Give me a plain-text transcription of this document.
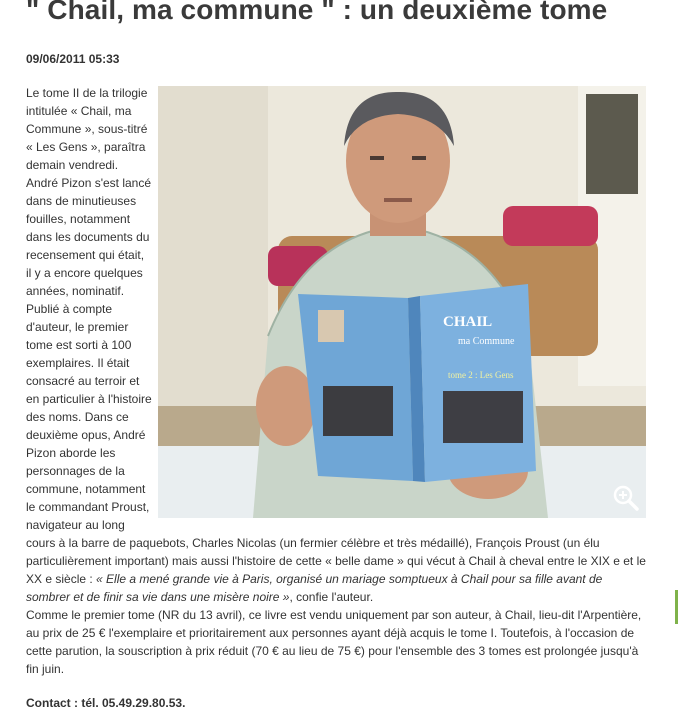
" Chail, ma commune " : un deuxième tome
09/06/2011 05:33
CHAIL
ma Commune
tome 2 : Les Gens

Le tome II de la trilogie intitulée « Chail, ma Commune », sous-titré « Les Gens », paraîtra demain vendredi.

André Pizon s'est lancé dans de minutieuses fouilles, notamment dans les documents du recensement qui était, il y a encore quelques années, nominatif. Publié à compte d'auteur, le premier tome est sorti à 100 exemplaires. Il était consacré au terroir et en particulier à l'histoire des noms. Dans ce deuxième opus, André Pizon aborde les personnages de la commune, notamment le commandant Proust, navigateur au long cours à la barre de paquebots, Charles Nicolas (un fermier célèbre et très médaillé), François Proust (un élu particulièrement important) mais aussi l'histoire de cette « belle dame » qui vécut à Chail à cheval entre le XIX e et le XX e siècle : « Elle a mené grande vie à Paris, organisé un mariage somptueux à Chail pour sa fille avant de sombrer et de finir sa vie dans une misère noire », confie l'auteur.

Comme le premier tome (NR du 13 avril), ce livre est vendu uniquement par son auteur, à Chail, lieu-dit l'Arpentière, au prix de 25 € l'exemplaire et prioritairement aux personnes ayant déjà acquis le tome I. Toutefois, à l'occasion de cette parution, la souscription à prix réduit (70 € au lieu de 75 €) pour l'ensemble des 3 tomes est prolongée jusqu'à fin juin.

Contact : tél. 05.49.29.80.53.
